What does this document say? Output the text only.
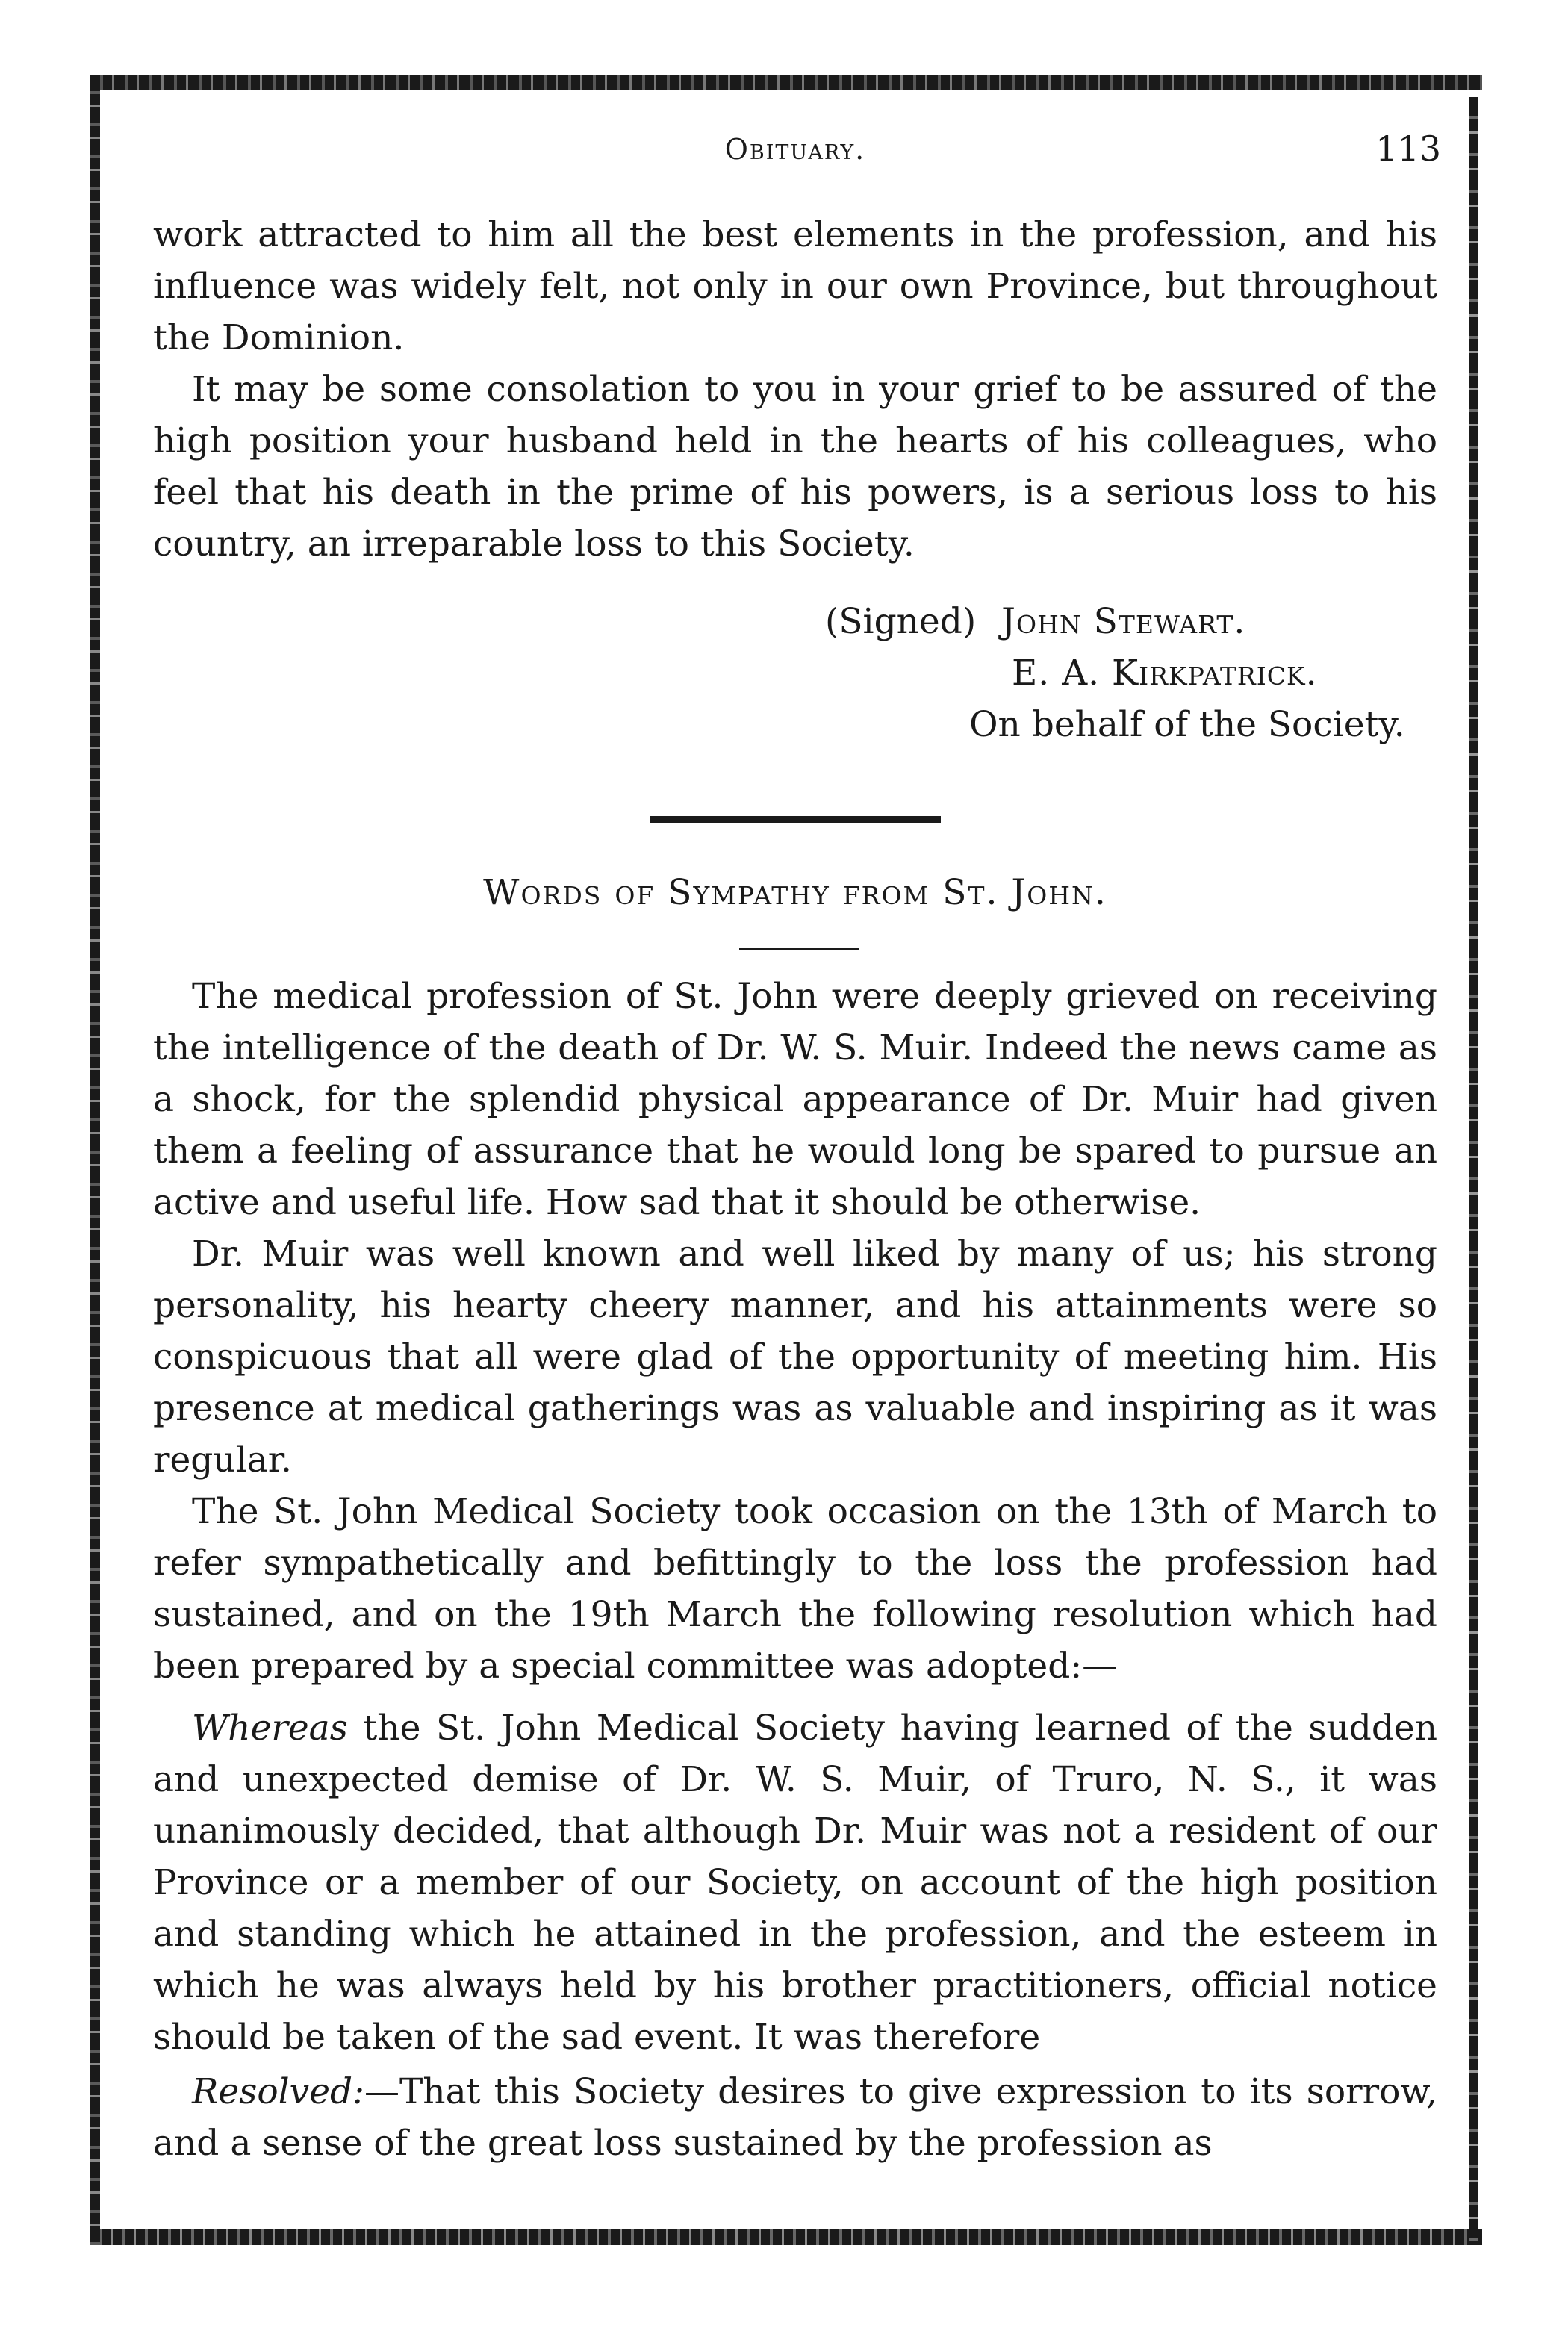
Obituary.	113

work attracted to him all the best elements in the profession, and his influence was widely felt, not only in our own Province, but throughout the Dominion.

It may be some consolation to you in your grief to be assured of the high position your husband held in the hearts of his colleagues, who feel that his death in the prime of his powers, is a serious loss to his country, an irreparable loss to this Society.

(Signed) John Stewart.
E. A. Kirkpatrick.
On behalf of the Society.
Words of Sympathy from St. John.

The medical profession of St. John were deeply grieved on receiving the intelligence of the death of Dr. W. S. Muir. Indeed the news came as a shock, for the splendid physical appearance of Dr. Muir had given them a feeling of assurance that he would long be spared to pursue an active and useful life. How sad that it should be otherwise.

Dr. Muir was well known and well liked by many of us; his strong personality, his hearty cheery manner, and his attainments were so conspicuous that all were glad of the opportunity of meeting him. His presence at medical gatherings was as valuable and inspiring as it was regular.

The St. John Medical Society took occasion on the 13th of March to refer sympathetically and befittingly to the loss the profession had sustained, and on the 19th March the following resolution which had been prepared by a special committee was adopted:—

Whereas the St. John Medical Society having learned of the sudden and unexpected demise of Dr. W. S. Muir, of Truro, N. S., it was unanimously decided, that although Dr. Muir was not a resident of our Province or a member of our Society, on account of the high position and standing which he attained in the profession, and the esteem in which he was always held by his brother practitioners, official notice should be taken of the sad event. It was therefore

Resolved:—That this Society desires to give expression to its sorrow, and a sense of the great loss sustained by the profession as
